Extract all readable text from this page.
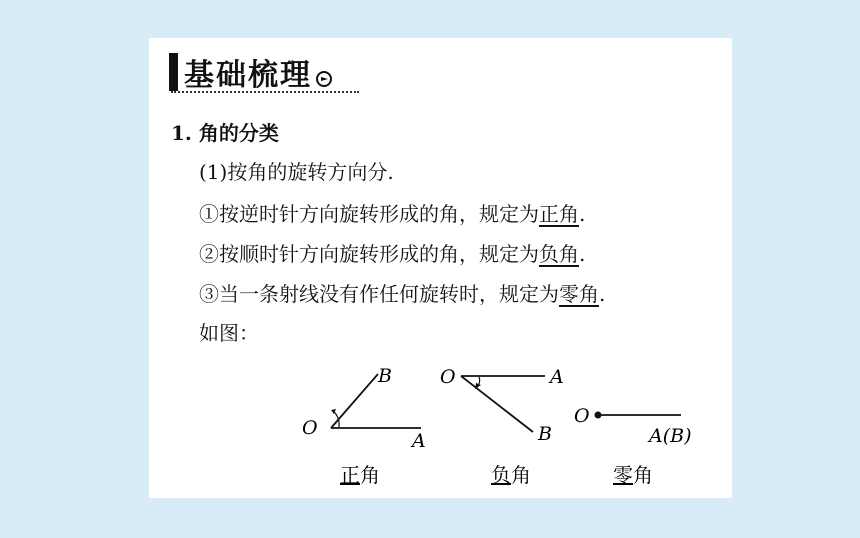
基础梳理
1. 角的分类
(1)按角的旋转方向分.
①按逆时针方向旋转形成的角，规定为正角.
②按顺时针方向旋转形成的角，规定为负角.
③当一条射线没有作任何旋转时，规定为零角.
如图：
O
B
A
正角
O	A
B
负角
O
A(B)
零角
